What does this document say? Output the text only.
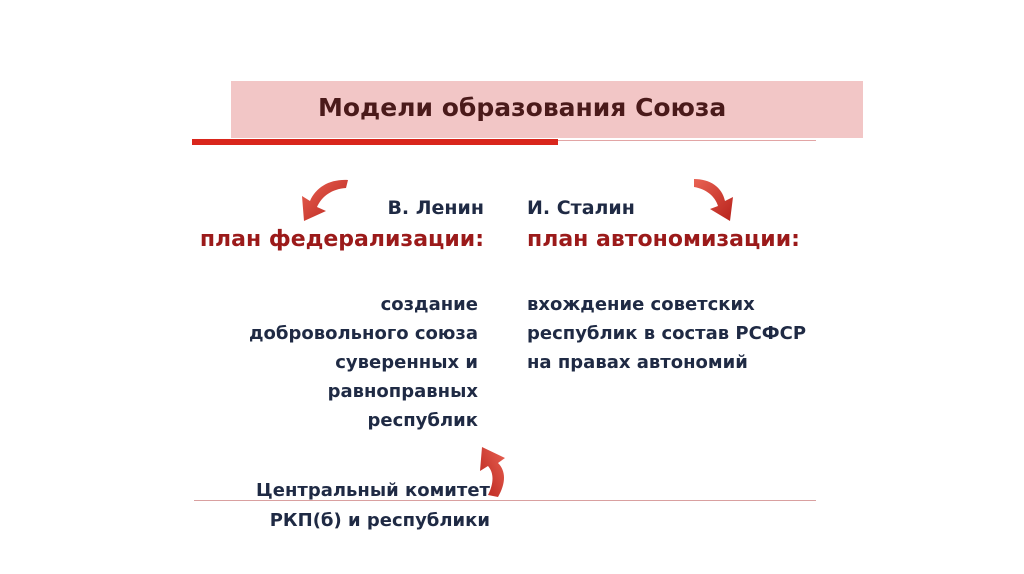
Модели образования Союза
В. Ленин И. Сталин
план федерализации: план автономизации:
создание
добровольного союза
суверенных и
равноправных
республик
вхождение советских
республик в состав РСФСР
на правах автономий
Центральный комитет
РКП(б) и республики
